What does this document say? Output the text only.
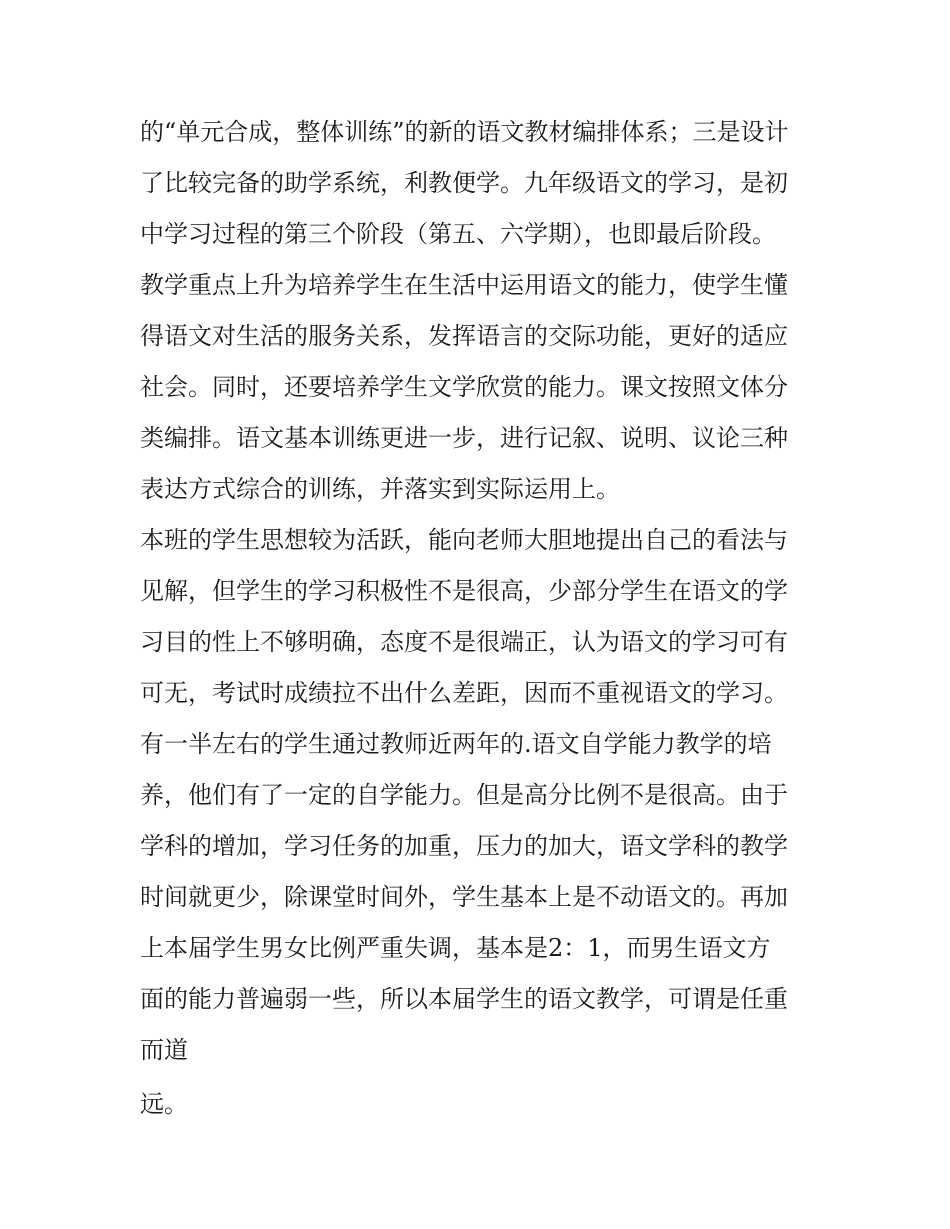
的“单元合成，整体训练”的新的语文教材编排体系；三是设计
了比较完备的助学系统，利教便学。九年级语文的学习，是初
中学习过程的第三个阶段（第五、六学期），也即最后阶段。
教学重点上升为培养学生在生活中运用语文的能力，使学生懂
得语文对生活的服务关系，发挥语言的交际功能，更好的适应
社会。同时，还要培养学生文学欣赏的能力。课文按照文体分
类编排。语文基本训练更进一步，进行记叙、说明、议论三种
表达方式综合的训练，并落实到实际运用上。
本班的学生思想较为活跃，能向老师大胆地提出自己的看法与
见解，但学生的学习积极性不是很高，少部分学生在语文的学
习目的性上不够明确，态度不是很端正，认为语文的学习可有
可无，考试时成绩拉不出什么差距，因而不重视语文的学习。
有一半左右的学生通过教师近两年的.语文自学能力教学的培
养，他们有了一定的自学能力。但是高分比例不是很高。由于
学科的增加，学习任务的加重，压力的加大，语文学科的教学
时间就更少，除课堂时间外，学生基本上是不动语文的。再加
上本届学生男女比例严重失调，基本是2：1，而男生语文方
面的能力普遍弱一些，所以本届学生的语文教学，可谓是任重
而道
远。
